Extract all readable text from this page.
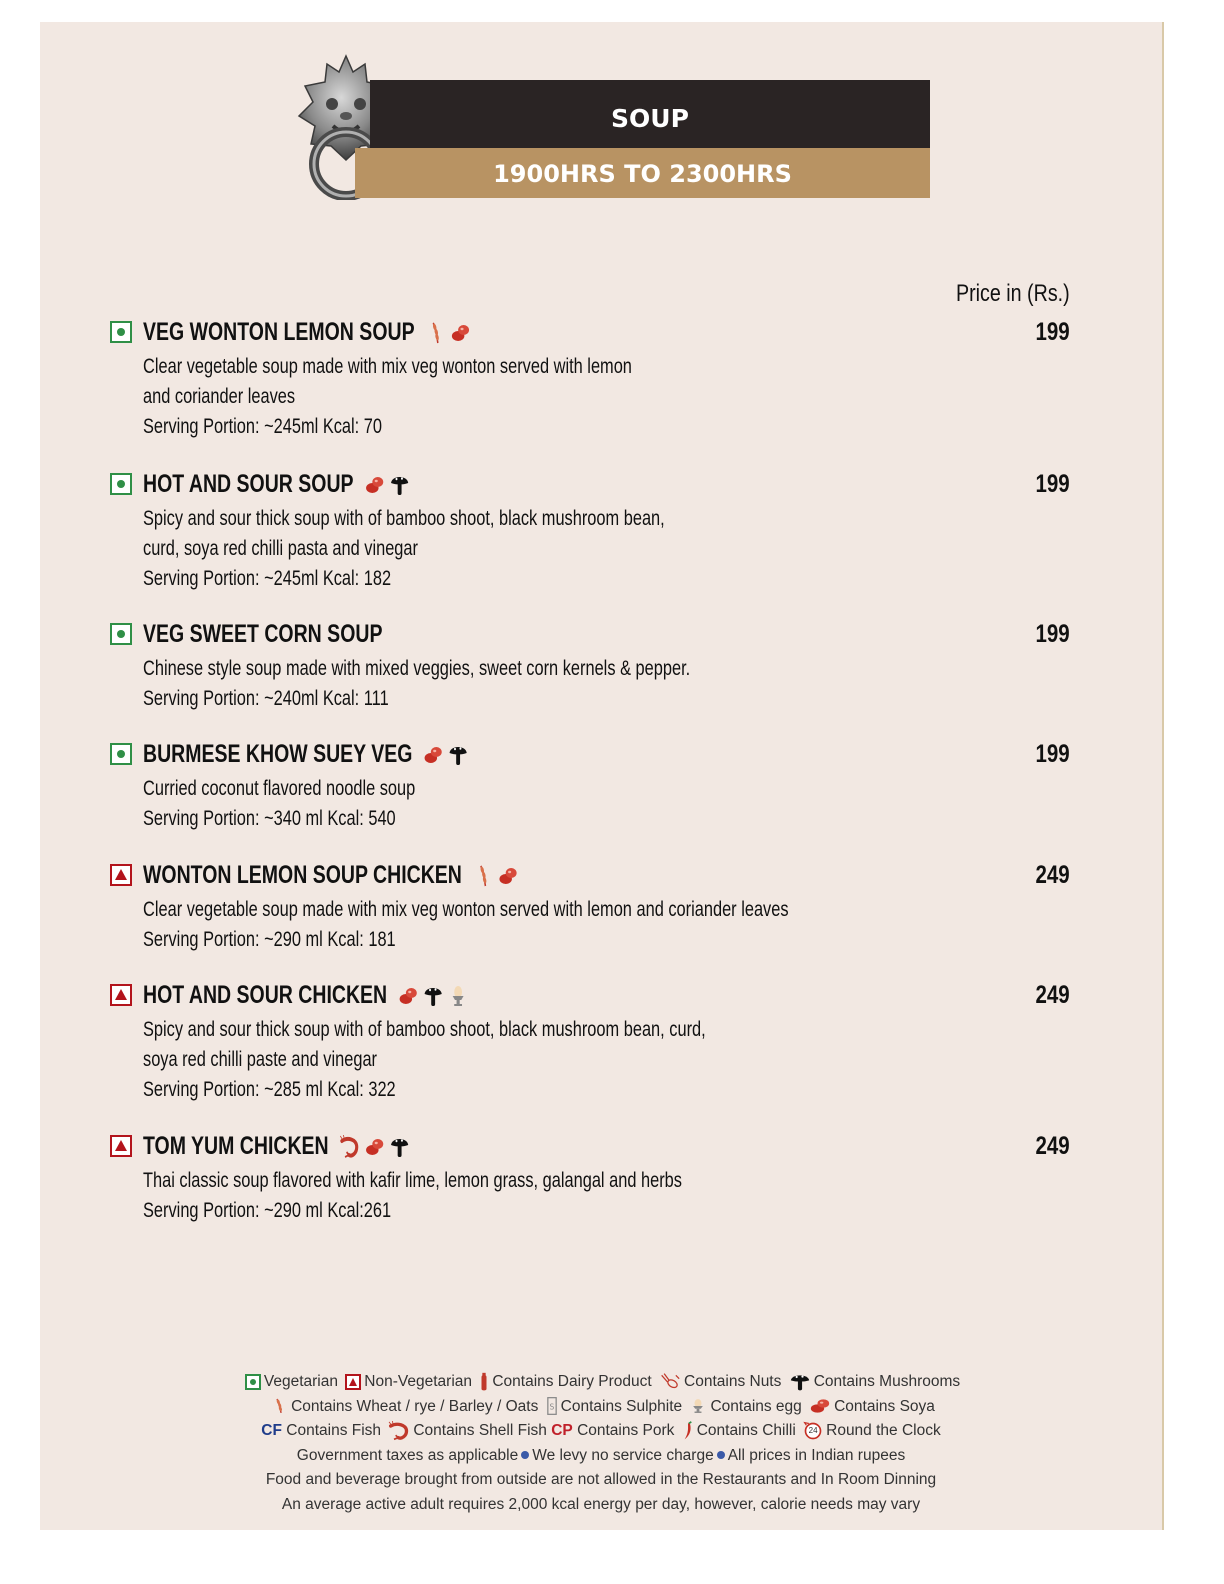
SOUP
1900HRS TO 2300HRS
Price in (Rs.)
VEG WONTON LEMON SOUP
Clear vegetable soup made with mix veg wonton served with lemon
and coriander leaves
Serving Portion: ~245ml Kcal: 70
199
HOT AND SOUR SOUP
Spicy and sour thick soup with of bamboo shoot, black mushroom bean,
curd, soya red chilli pasta and vinegar
Serving Portion: ~245ml Kcal: 182
199
VEG SWEET CORN SOUP
Chinese style soup made with mixed veggies, sweet corn kernels & pepper.
Serving Portion: ~240ml Kcal: 111
199
BURMESE KHOW SUEY VEG
Curried coconut flavored noodle soup
Serving Portion: ~340 ml Kcal: 540
199
WONTON LEMON SOUP CHICKEN
Clear vegetable soup made with mix veg wonton served with lemon and coriander leaves
Serving Portion: ~290 ml Kcal: 181
249
HOT AND SOUR CHICKEN
Spicy and sour thick soup with of bamboo shoot, black mushroom bean, curd,
soya red chilli paste and vinegar
Serving Portion: ~285 ml Kcal: 322
249
TOM YUM CHICKEN
Thai classic soup flavored with kafir lime, lemon grass, galangal and herbs
Serving Portion: ~290 ml Kcal:261
249
Vegetarian Non-Vegetarian Contains Dairy Product Contains Nuts Contains Mushrooms
Contains Wheat / rye / Barley / Oats Contains Sulphite Contains egg Contains Soya
CF Contains Fish Contains Shell Fish CP Contains Pork Contains Chilli	24 Round the Clock
Government taxes as applicable We levy no service charge All prices in Indian rupees
Food and beverage brought from outside are not allowed in the Restaurants and In Room Dinning
An average active adult requires 2,000 kcal energy per day, however, calorie needs may vary
